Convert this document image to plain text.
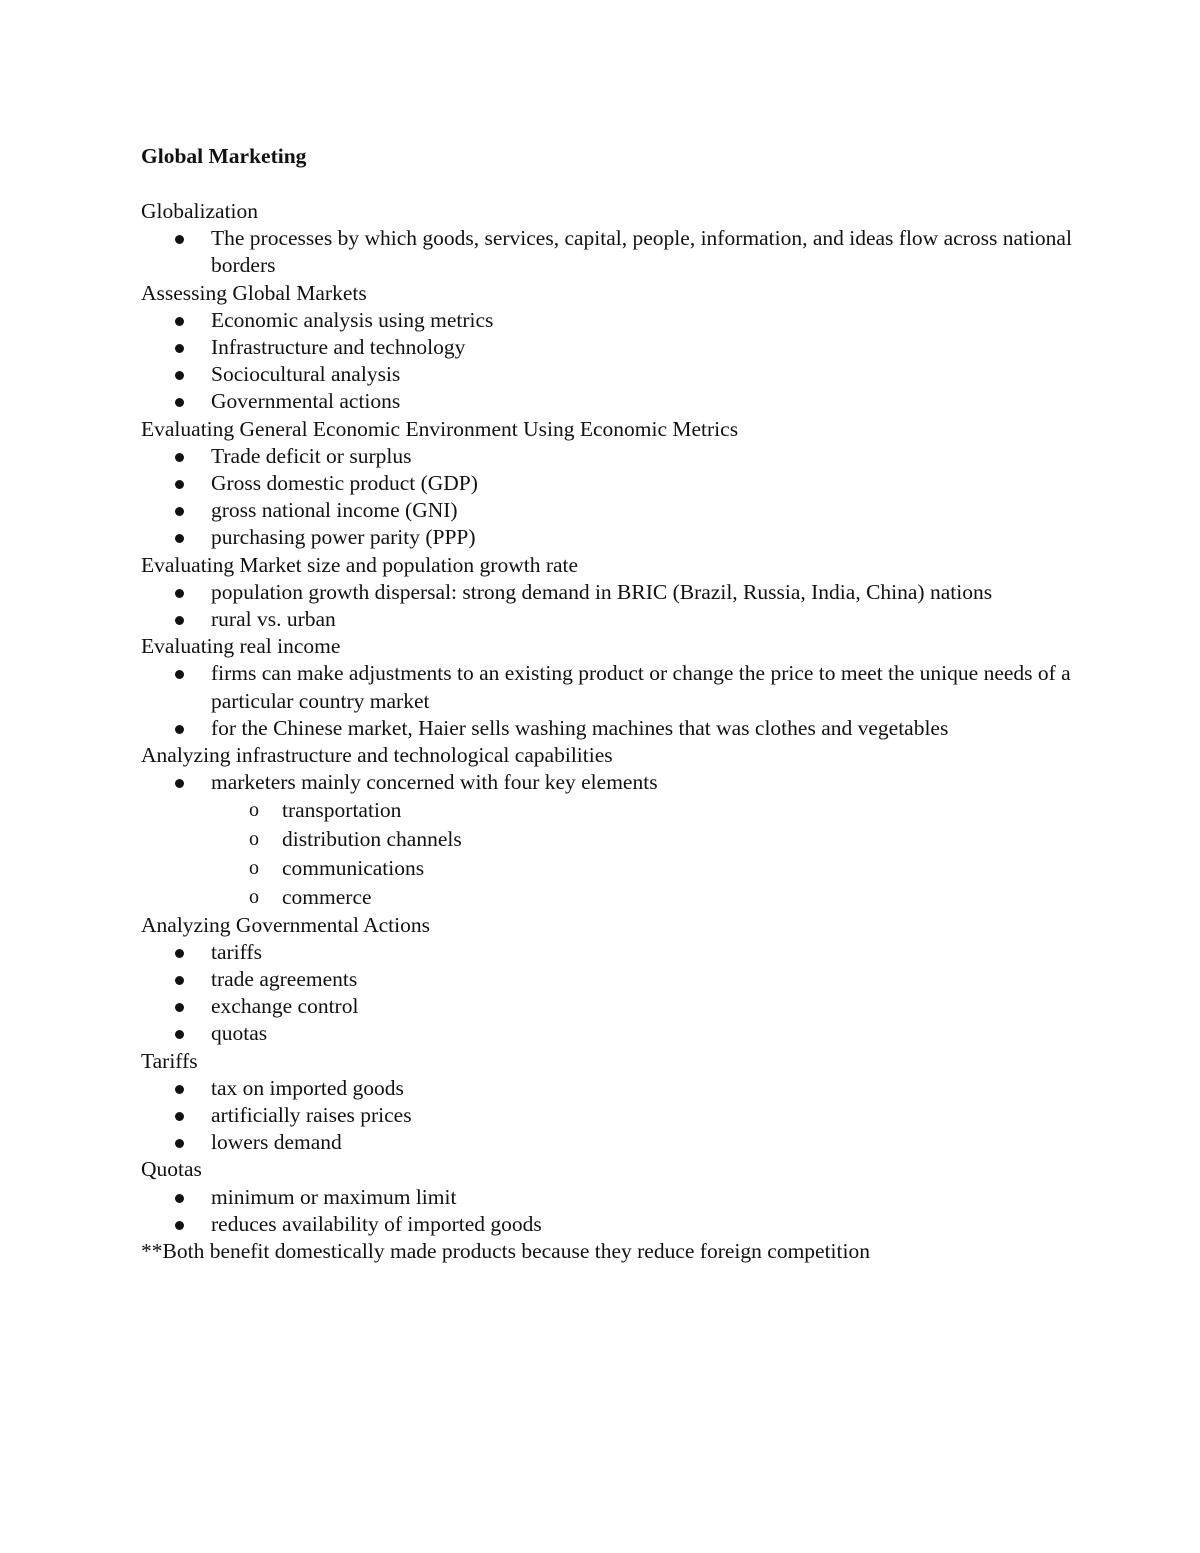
Global Marketing
Globalization
The processes by which goods, services, capital, people, information, and ideas flow across national borders
Assessing Global Markets
Economic analysis using metrics
Infrastructure and technology
Sociocultural analysis
Governmental actions
Evaluating General Economic Environment Using Economic Metrics
Trade deficit or surplus
Gross domestic product (GDP)
gross national income (GNI)
purchasing power parity (PPP)
Evaluating Market size and population growth rate
population growth dispersal: strong demand in BRIC (Brazil, Russia, India, China) nations
rural vs. urban
Evaluating real income
firms can make adjustments to an existing product or change the price to meet the unique needs of a particular country market
for the Chinese market, Haier sells washing machines that was clothes and vegetables
Analyzing infrastructure and technological capabilities
marketers mainly concerned with four key elements
o transportation
o distribution channels
o communications
o commerce
Analyzing Governmental Actions
tariffs
trade agreements
exchange control
quotas
Tariffs
tax on imported goods
artificially raises prices
lowers demand
Quotas
minimum or maximum limit
reduces availability of imported goods
**Both benefit domestically made products because they reduce foreign competition
